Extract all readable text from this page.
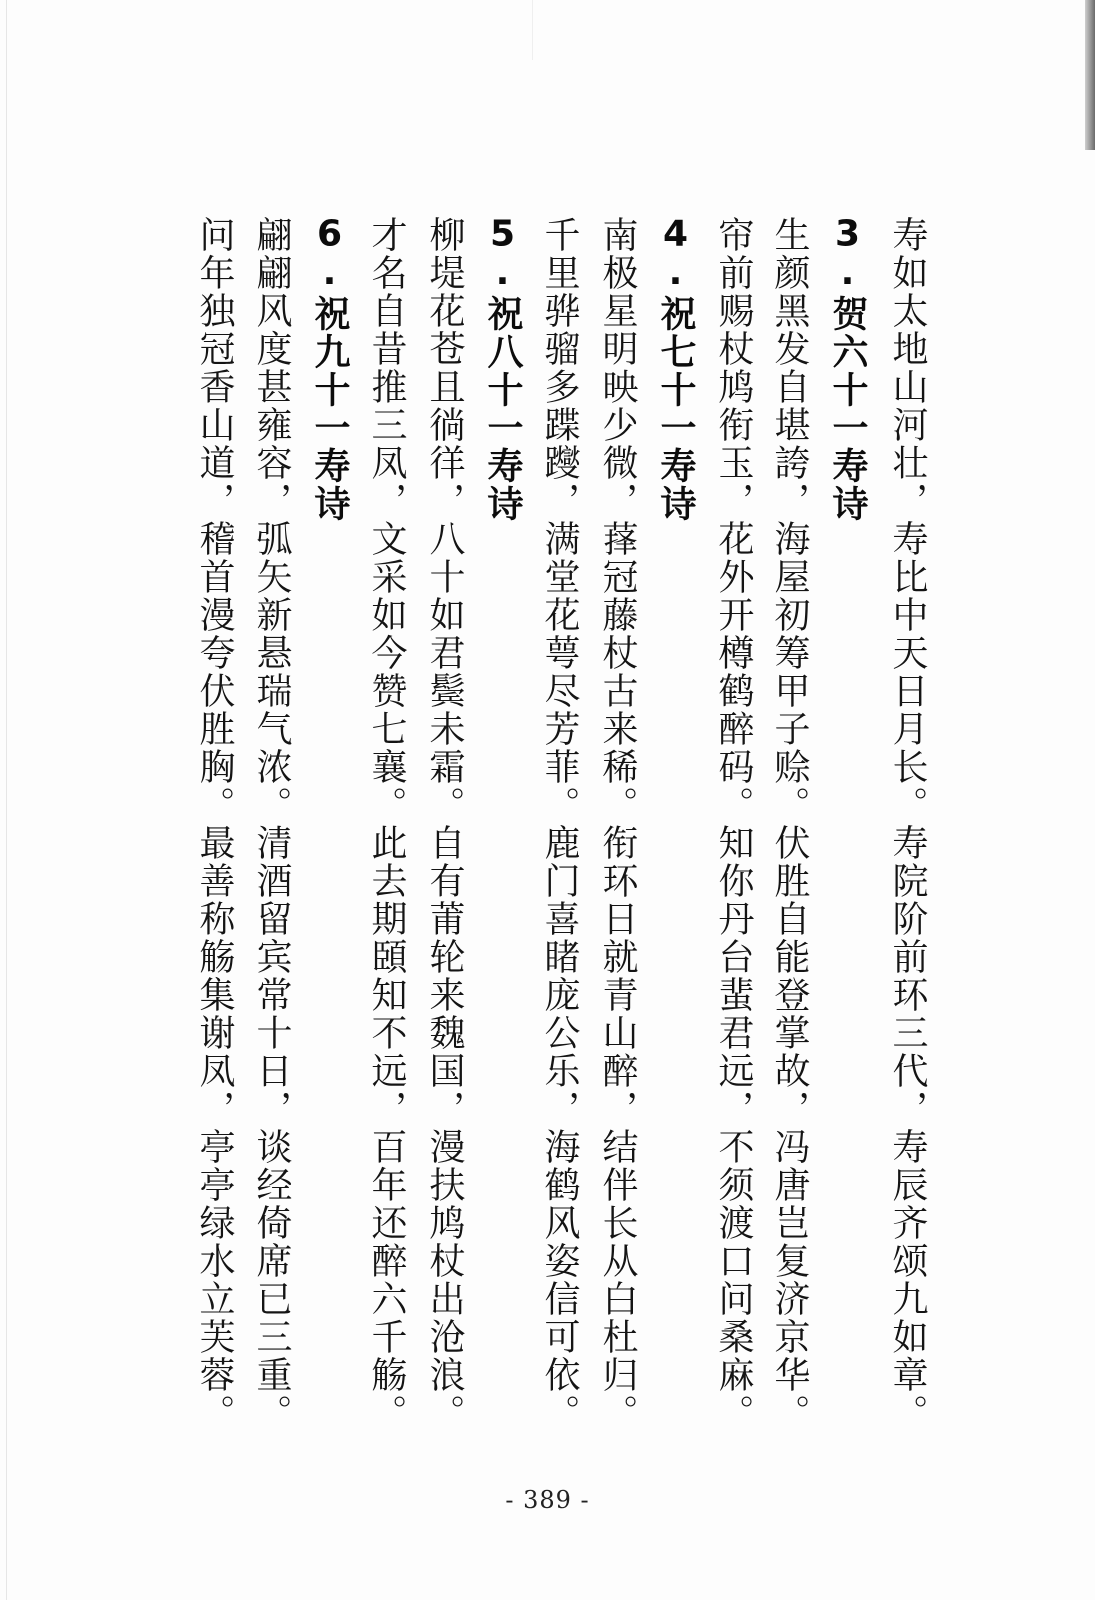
寿如太地山河壮，寿比中天日月长。寿院阶前环三代，寿辰齐颂九如章。
3.贺六十一寿诗
生颜黑发自堪誇，海屋初筹甲子赊。伏胜自能登掌故，冯唐岂复济京华。
帘前赐杖鸠衔玉，花外开樽鹤醉码。知你丹台蜚君远，不须渡口问桑麻。
4.祝七十一寿诗
南极星明映少微，萚冠藤杖古来稀。衔环日就青山醉，结伴长从白杜归。
千里骅骝多蹀躞，满堂花萼尽芳菲。鹿门喜睹庞公乐，海鹤风姿信可依。
5.祝八十一寿诗
柳堤花苍且徜徉，八十如君鬓未霜。自有莆轮来魏国，漫扶鸠杖出沧浪。
才名自昔推三凤，文采如今赞七襄。此去期頣知不远，百年还醉六千觞。
6.祝九十一寿诗
翩翩风度甚雍容，弧矢新悬瑞气浓。清酒留宾常十日，谈经倚席已三重。
问年独冠香山道，稽首漫夸伏胜胸。最善称觞集谢凤，亭亭绿水立芙蓉。
- 389 -
